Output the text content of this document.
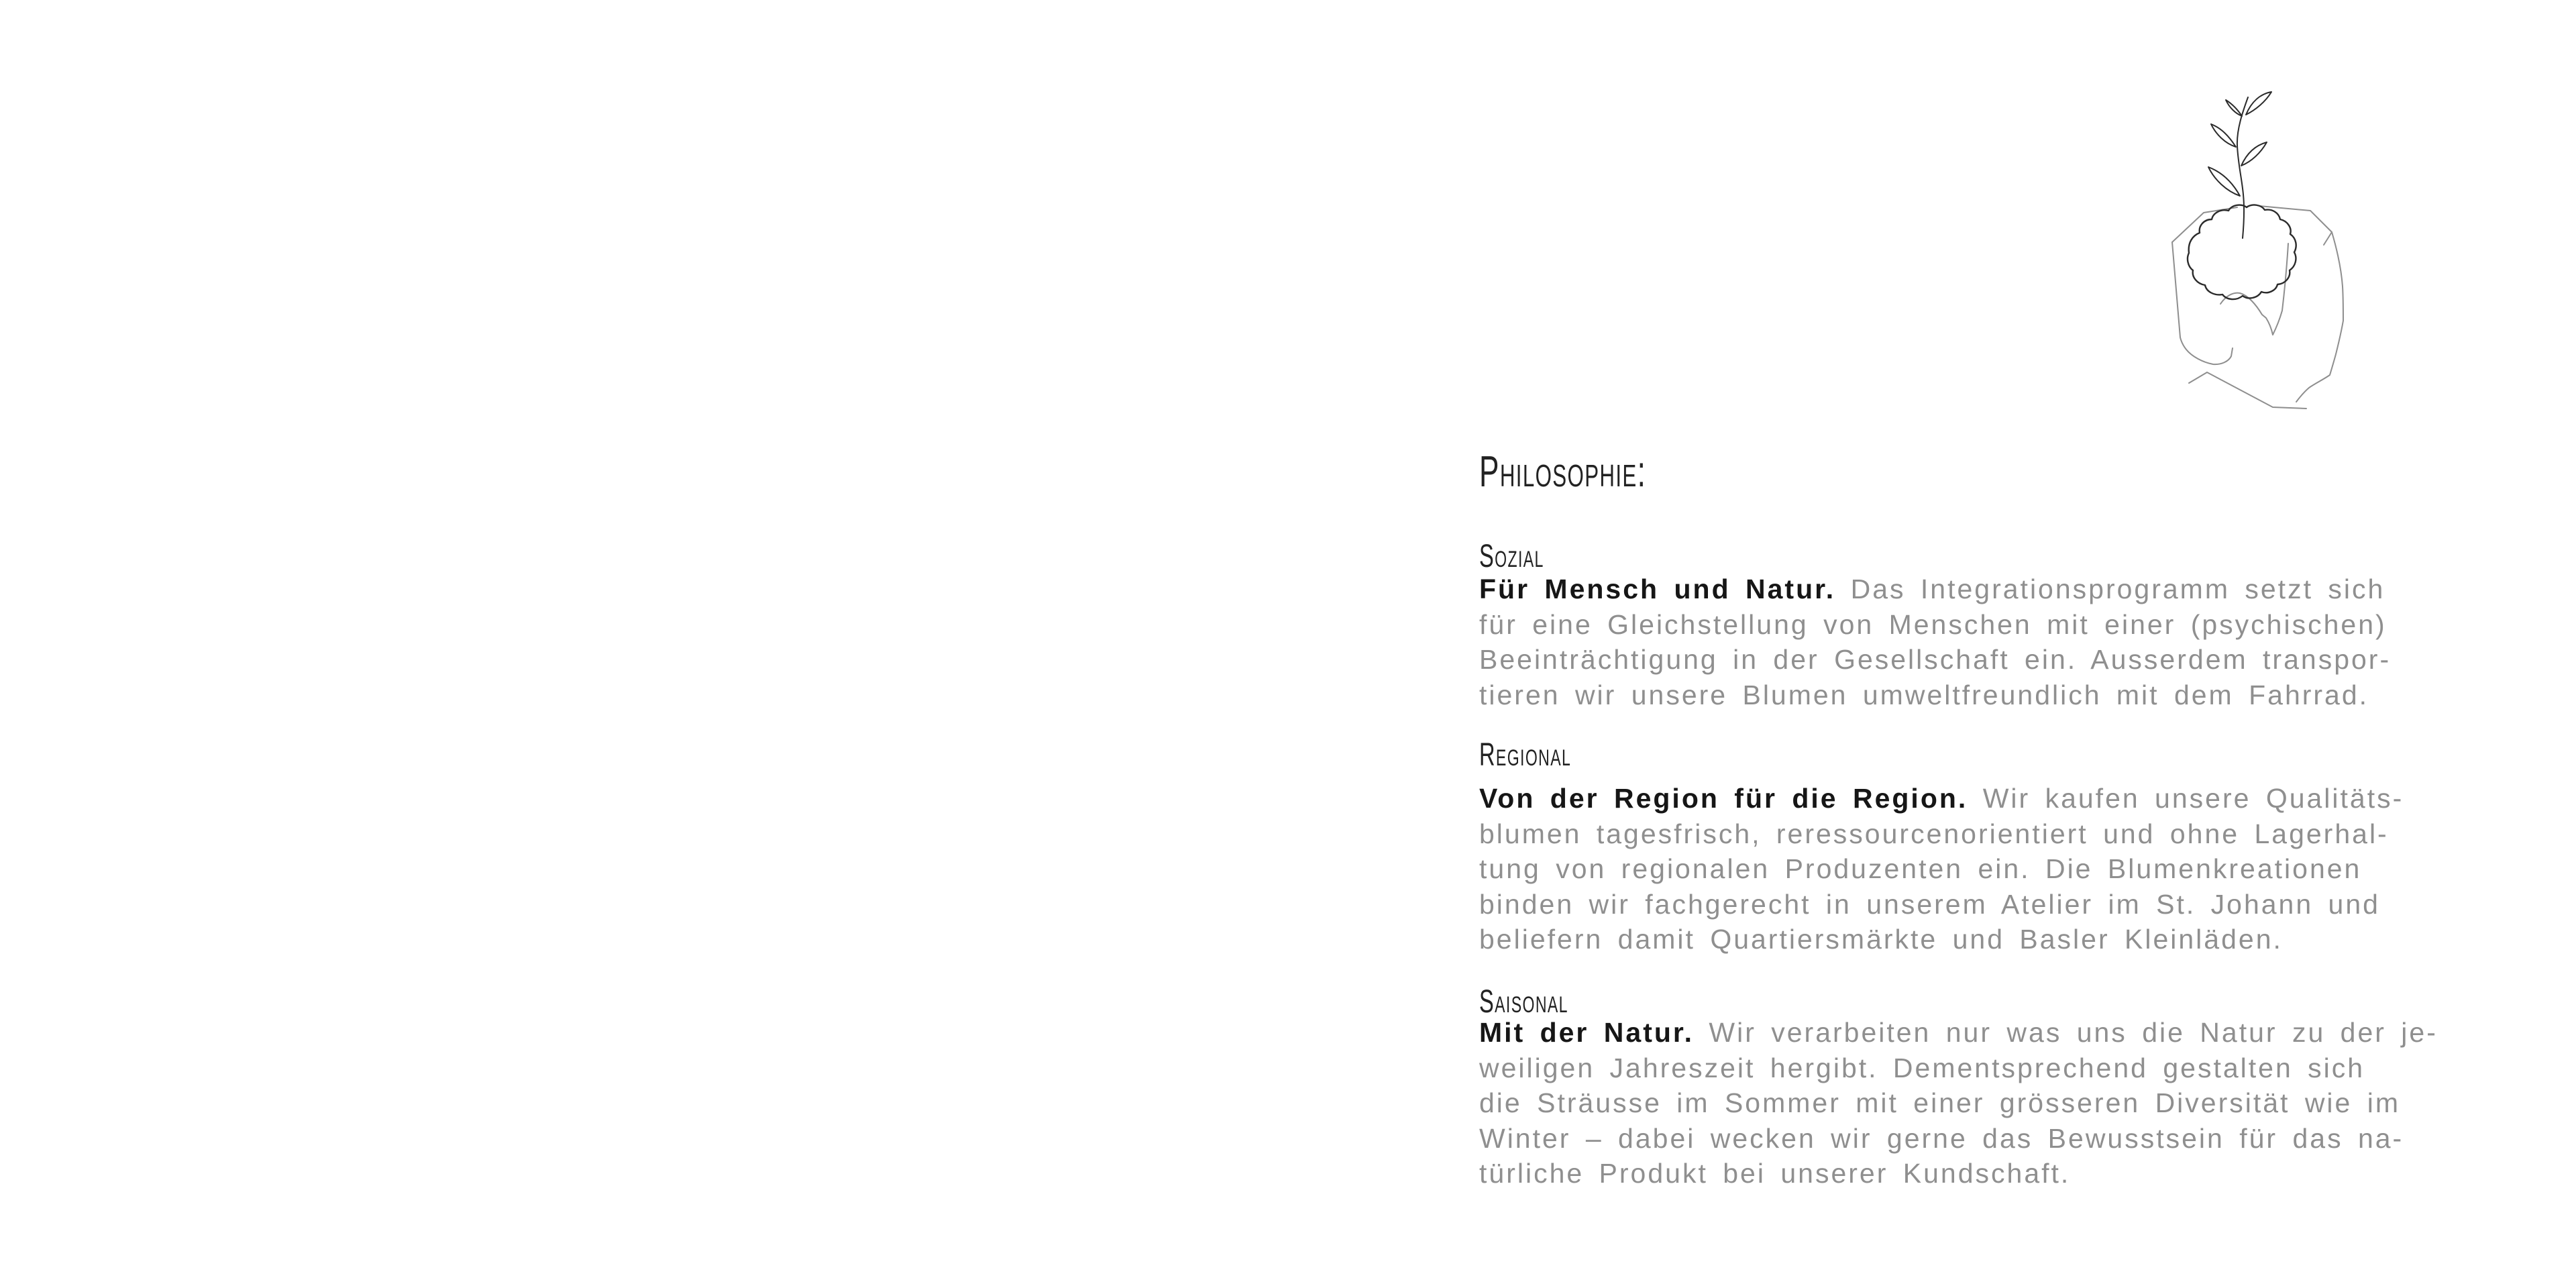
Philosophie:
Sozial
Für Mensch und Natur. Das Integrationsprogramm setzt sich
für eine Gleichstellung von Menschen mit einer (psychischen)
Beeinträchtigung in der Gesellschaft ein. Ausserdem transpor-
tieren wir unsere Blumen umweltfreundlich mit dem Fahrrad.
Regional
Von der Region für die Region. Wir kaufen unsere Qualitäts-
blumen tagesfrisch, reressourcenorientiert und ohne Lagerhal-
tung von regionalen Produzenten ein. Die Blumenkreationen
binden wir fachgerecht in unserem Atelier im St. Johann und
beliefern damit Quartiersmärkte und Basler Kleinläden.
Saisonal
Mit der Natur. Wir verarbeiten nur was uns die Natur zu der je-
weiligen Jahreszeit hergibt. Dementsprechend gestalten sich
die Sträusse im Sommer mit einer grösseren Diversität wie im
Winter – dabei wecken wir gerne das Bewusstsein für das na-
türliche Produkt bei unserer Kundschaft.
